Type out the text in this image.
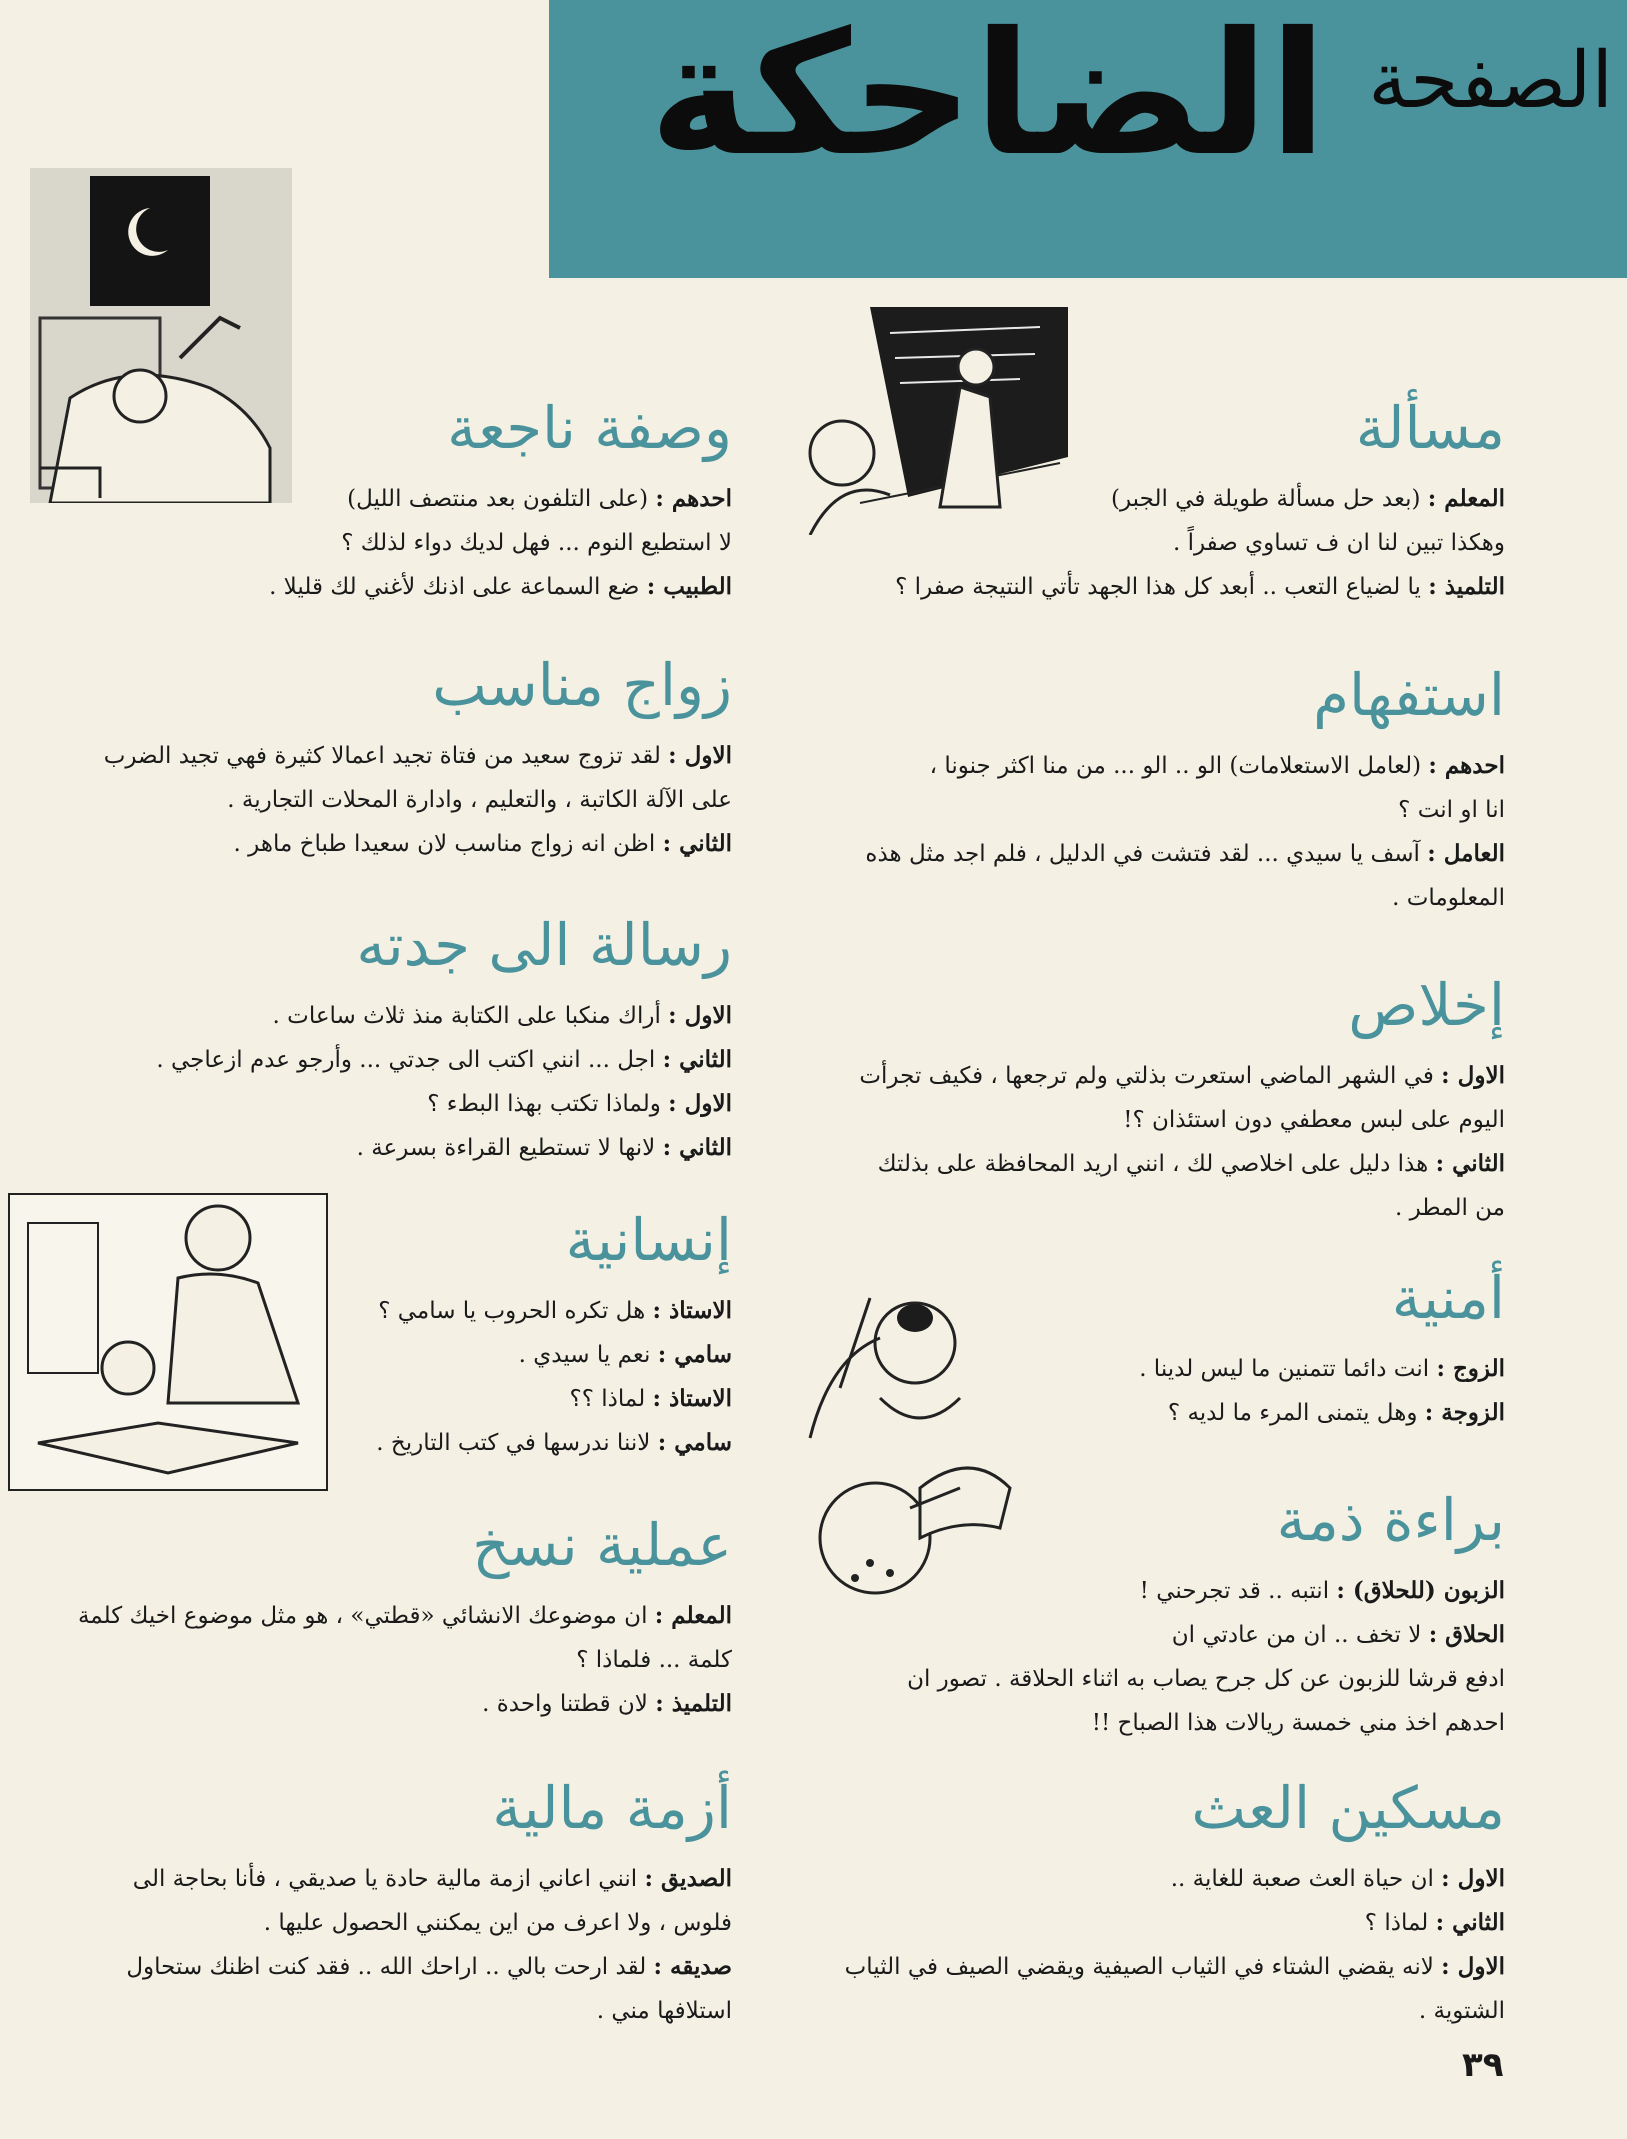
الصفحة
الضاحكة
مسألة
المعلم : (بعد حل مسألة طويلة في الجبر)
وهكذا تبين لنا ان ف تساوي صفراً .
التلميذ : يا لضياع التعب .. أبعد كل هذا الجهد تأتي النتيجة صفرا ؟
استفهام
احدهم : (لعامل الاستعلامات) الو .. الو ... من منا اكثر جنونا ،
انا او انت ؟
العامل : آسف يا سيدي ... لقد فتشت في الدليل ، فلم اجد مثل هذه
المعلومات .
إخلاص
الاول : في الشهر الماضي استعرت بذلتي ولم ترجعها ، فكيف تجرأت
اليوم على لبس معطفي دون استئذان ؟!
الثاني : هذا دليل على اخلاصي لك ، انني اريد المحافظة على بذلتك
من المطر .
أمنية
الزوج : انت دائما تتمنين ما ليس لدينا .
الزوجة : وهل يتمنى المرء ما لديه ؟
براءة ذمة
الزبون (للحلاق) : انتبه .. قد تجرحني !
الحلاق : لا تخف .. ان من عادتي ان
ادفع قرشا للزبون عن كل جرح يصاب به اثناء الحلاقة . تصور ان
احدهم اخذ مني خمسة ريالات هذا الصباح !!
مسكين العث
الاول : ان حياة العث صعبة للغاية ..
الثاني : لماذا ؟
الاول : لانه يقضي الشتاء في الثياب الصيفية ويقضي الصيف في الثياب
الشتوية .
وصفة ناجعة
احدهم : (على التلفون بعد منتصف الليل)
لا استطيع النوم ... فهل لديك دواء لذلك ؟
الطبيب : ضع السماعة على اذنك لأغني لك قليلا .
زواج مناسب
الاول : لقد تزوج سعيد من فتاة تجيد اعمالا كثيرة فهي تجيد الضرب
على الآلة الكاتبة ، والتعليم ، وادارة المحلات التجارية .
الثاني : اظن انه زواج مناسب لان سعيدا طباخ ماهر .
رسالة الى جدته
الاول : أراك منكبا على الكتابة منذ ثلاث ساعات .
الثاني : اجل ... انني اكتب الى جدتي ... وأرجو عدم ازعاجي .
الاول : ولماذا تكتب بهذا البطء ؟
الثاني : لانها لا تستطيع القراءة بسرعة .
إنسانية
الاستاذ : هل تكره الحروب يا سامي ؟
سامي : نعم يا سيدي .
الاستاذ : لماذا ؟؟
سامي : لاننا ندرسها في كتب التاريخ .
عملية نسخ
المعلم : ان موضوعك الانشائي «قطتي» ، هو مثل موضوع اخيك كلمة
كلمة ... فلماذا ؟
التلميذ : لان قطتنا واحدة .
أزمة مالية
الصديق : انني اعاني ازمة مالية حادة يا صديقي ، فأنا بحاجة الى
فلوس ، ولا اعرف من اين يمكنني الحصول عليها .
صديقه : لقد ارحت بالي .. اراحك الله .. فقد كنت اظنك ستحاول
استلافها مني .
٣٩
